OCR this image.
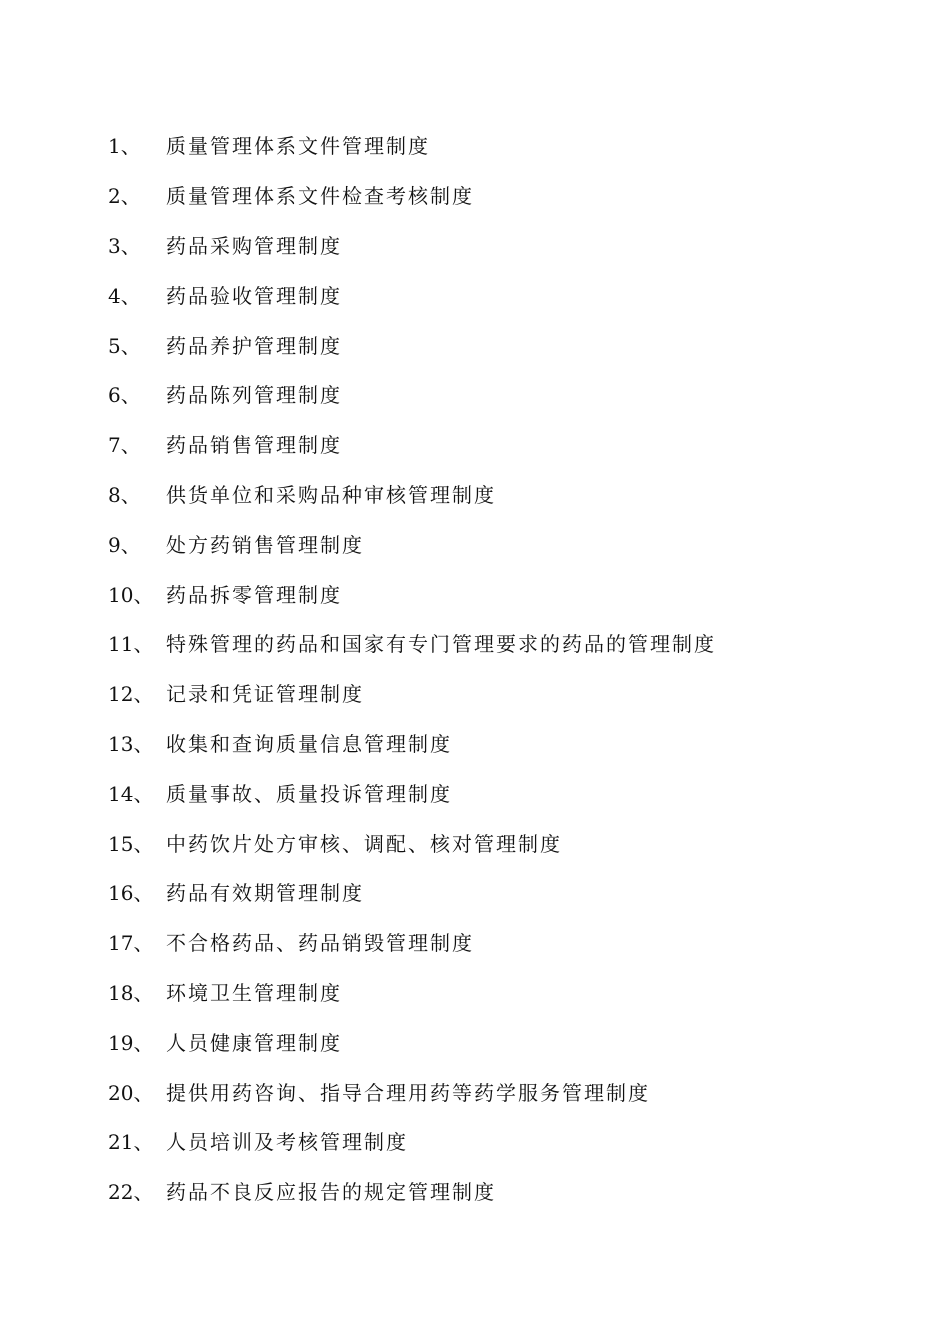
1、	质量管理体系文件管理制度
2、	质量管理体系文件检查考核制度
3、	药品采购管理制度
4、	药品验收管理制度
5、	药品养护管理制度
6、	药品陈列管理制度
7、	药品销售管理制度
8、	供货单位和采购品种审核管理制度
9、	处方药销售管理制度
10、 药品拆零管理制度
11、 特殊管理的药品和国家有专门管理要求的药品的管理制度
12、 记录和凭证管理制度
13、 收集和查询质量信息管理制度
14、 质量事故、质量投诉管理制度
15、 中药饮片处方审核、调配、核对管理制度
16、 药品有效期管理制度
17、 不合格药品、药品销毁管理制度
18、 环境卫生管理制度
19、 人员健康管理制度
20、 提供用药咨询、指导合理用药等药学服务管理制度
21、 人员培训及考核管理制度
22、 药品不良反应报告的规定管理制度
